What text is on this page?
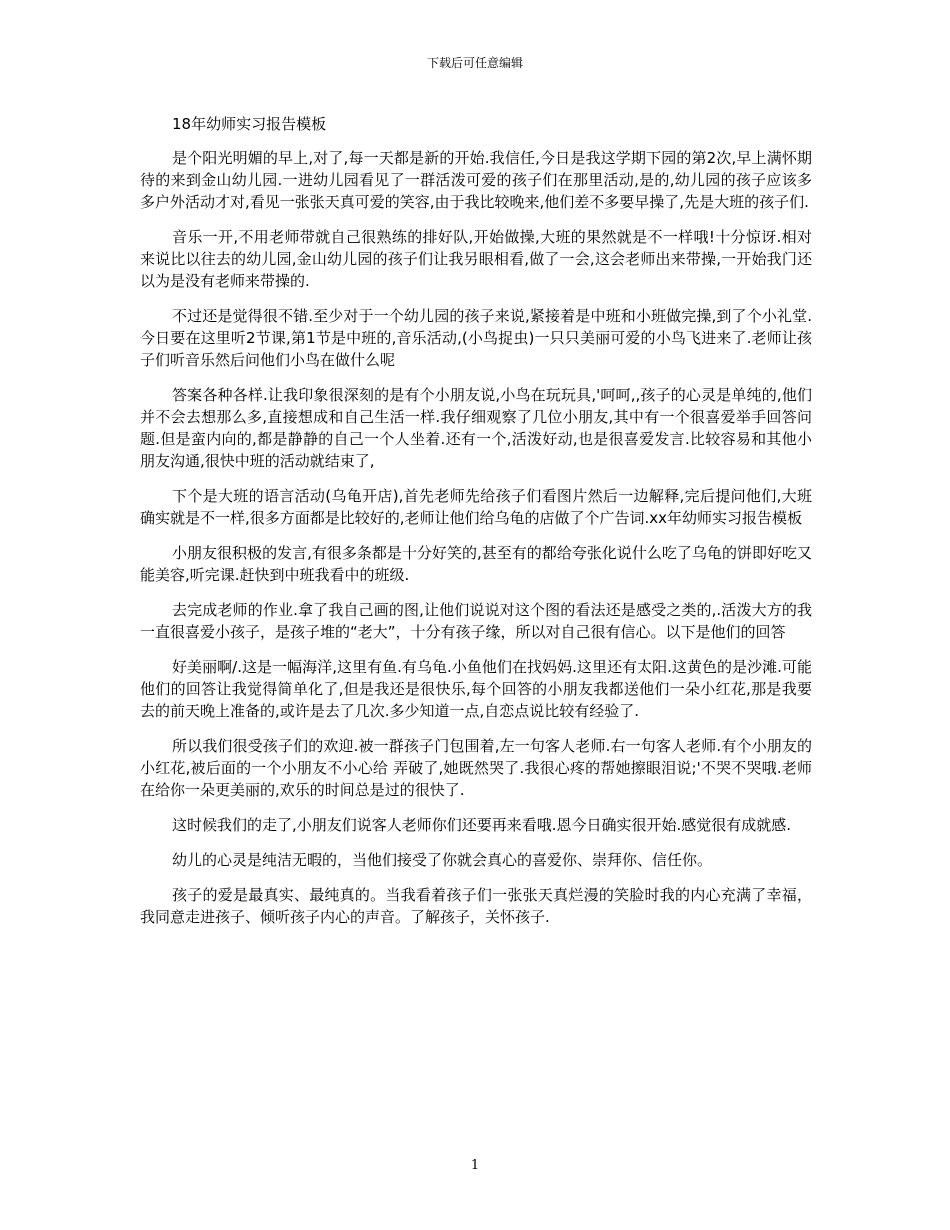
下载后可任意编辑

18年幼师实习报告模板

是个阳光明媚的早上,对了,每一天都是新的开始.我信任,今日是我这学期下园的第2次,早上满怀期待的来到金山幼儿园.一进幼儿园看见了一群活泼可爱的孩子们在那里活动,是的,幼儿园的孩子应该多多户外活动才对,看见一张张天真可爱的笑容,由于我比较晚来,他们差不多要早操了,先是大班的孩子们.

音乐一开,不用老师带就自己很熟练的排好队,开始做操,大班的果然就是不一样哦!十分惊讶.相对来说比以往去的幼儿园,金山幼儿园的孩子们让我另眼相看,做了一会,这会老师出来带操,一开始我门还以为是没有老师来带操的.

不过还是觉得很不错.至少对于一个幼儿园的孩子来说,紧接着是中班和小班做完操,到了个小礼堂.今日要在这里听2节课,第1节是中班的,音乐活动,(小鸟捉虫)一只只美丽可爱的小鸟飞进来了.老师让孩子们听音乐然后问他们小鸟在做什么呢

答案各种各样.让我印象很深刻的是有个小朋友说,小鸟在玩玩具,'呵呵,,孩子的心灵是单纯的,他们并不会去想那么多,直接想成和自己生活一样.我仔细观察了几位小朋友,其中有一个很喜爱举手回答问题.但是蛮内向的,都是静静的自己一个人坐着.还有一个,活泼好动,也是很喜爱发言.比较容易和其他小朋友沟通,很快中班的活动就结束了,

下个是大班的语言活动(乌龟开店),首先老师先给孩子们看图片然后一边解释,完后提问他们,大班确实就是不一样,很多方面都是比较好的,老师让他们给乌龟的店做了个广告词.xx年幼师实习报告模板

小朋友很积极的发言,有很多条都是十分好笑的,甚至有的都给夸张化说什么吃了乌龟的饼即好吃又能美容,听完课.赶快到中班我看中的班级.

去完成老师的作业.拿了我自己画的图,让他们说说对这个图的看法还是感受之类的,.活泼大方的我一直很喜爱小孩子，是孩子堆的“老大”，十分有孩子缘，所以对自己很有信心。以下是他们的回答

好美丽啊/.这是一幅海洋,这里有鱼.有乌龟.小鱼他们在找妈妈.这里还有太阳.这黄色的是沙滩.可能他们的回答让我觉得简单化了,但是我还是很快乐,每个回答的小朋友我都送他们一朵小红花,那是我要去的前天晚上准备的,或许是去了几次.多少知道一点,自恋点说比较有经验了.

所以我们很受孩子们的欢迎.被一群孩子门包围着,左一句客人老师.右一句客人老师.有个小朋友的小红花,被后面的一个小朋友不小心给 弄破了,她既然哭了.我很心疼的帮她擦眼泪说;'不哭不哭哦.老师在给你一朵更美丽的,欢乐的时间总是过的很快了.

这时候我们的走了,小朋友们说客人老师你们还要再来看哦.恩今日确实很开始.感觉很有成就感.

幼儿的心灵是纯洁无暇的，当他们接受了你就会真心的喜爱你、崇拜你、信任你。

孩子的爱是最真实、最纯真的。当我看着孩子们一张张天真烂漫的笑脸时我的内心充满了幸福，我同意走进孩子、倾听孩子内心的声音。了解孩子，关怀孩子.

1
